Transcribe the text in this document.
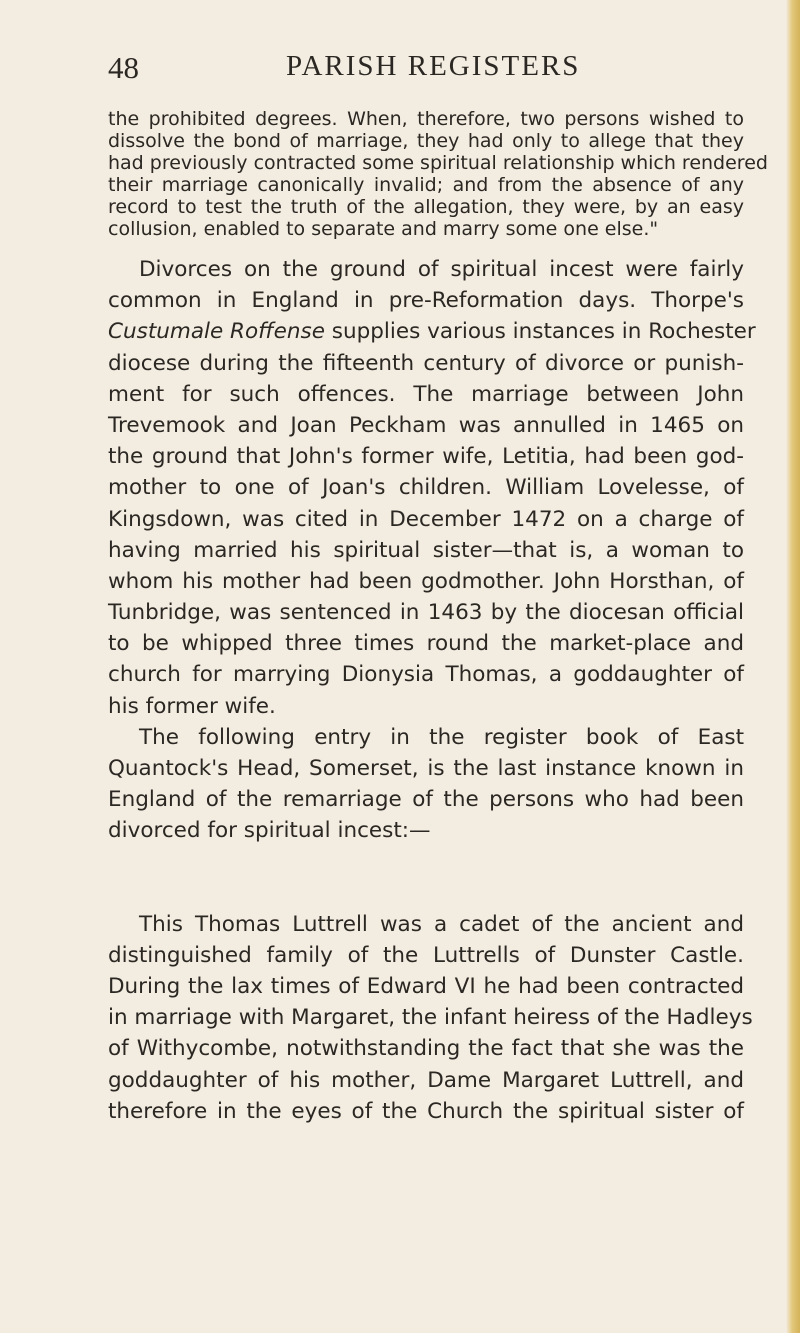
48	PARISH REGISTERS
the prohibited degrees. When, therefore, two persons wished to
dissolve the bond of marriage, they had only to allege that they
had previously contracted some spiritual relationship which rendered
their marriage canonically invalid; and from the absence of any
record to test the truth of the allegation, they were, by an easy
collusion, enabled to separate and marry some one else."
Divorces on the ground of spiritual incest were fairly
common in England in pre-Reformation days. Thorpe's
Custumale Roffense supplies various instances in Rochester
diocese during the fifteenth century of divorce or punish-
ment for such offences. The marriage between John
Trevemook and Joan Peckham was annulled in 1465 on
the ground that John's former wife, Letitia, had been god-
mother to one of Joan's children. William Lovelesse, of
Kingsdown, was cited in December 1472 on a charge of
having married his spiritual sister—that is, a woman to
whom his mother had been godmother. John Horsthan, of
Tunbridge, was sentenced in 1463 by the diocesan official
to be whipped three times round the market-place and
church for marrying Dionysia Thomas, a goddaughter of
his former wife.
The following entry in the register book of East
Quantock's Head, Somerset, is the last instance known in
England of the remarriage of the persons who had been
divorced for spiritual incest:—
This Thomas Luttrell was a cadet of the ancient and
distinguished family of the Luttrells of Dunster Castle.
During the lax times of Edward VI he had been contracted
in marriage with Margaret, the infant heiress of the Hadleys
of Withycombe, notwithstanding the fact that she was the
goddaughter of his mother, Dame Margaret Luttrell, and
therefore in the eyes of the Church the spiritual sister of
